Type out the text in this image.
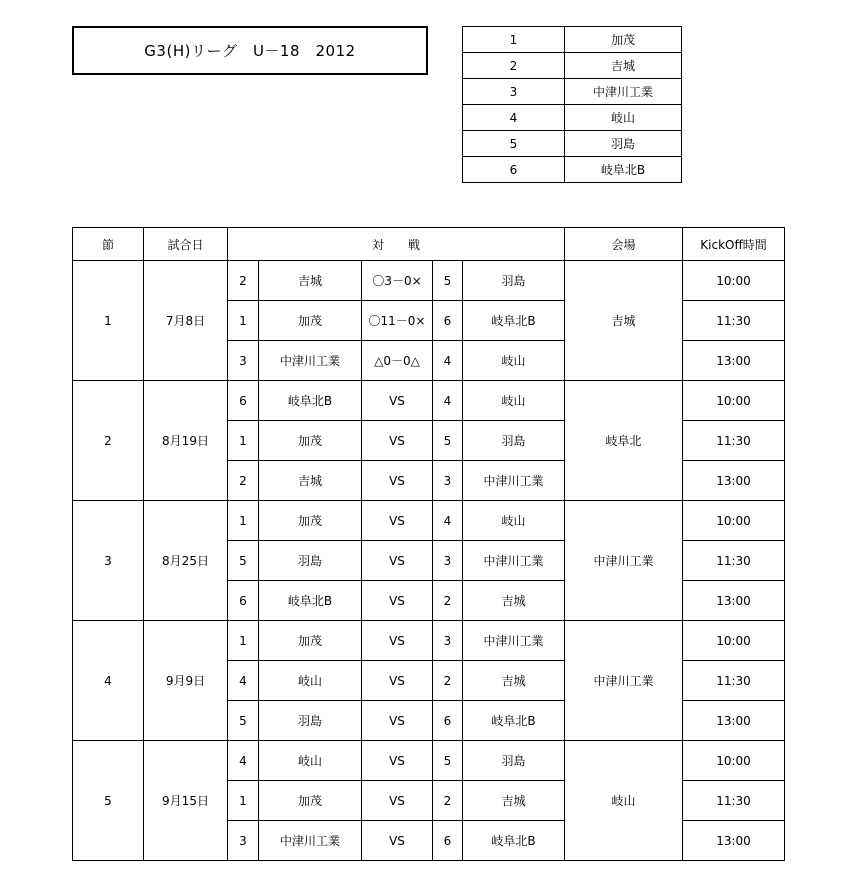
G3(H)リーグ　U－18　2012
1	加茂
2	吉城
3	中津川工業
4	岐山
5	羽島
6	岐阜北B
節	試合日	対　　戦					会場	KickOff時間
1	7月8日	2	吉城	〇3－0×	5	羽島	吉城	10:00
		1	加茂	〇11－0×	6	岐阜北B		11:30
		3	中津川工業	△0－0△	4	岐山		13:00
2	8月19日	6	岐阜北B	VS	4	岐山	岐阜北	10:00
		1	加茂	VS	5	羽島		11:30
		2	吉城	VS	3	中津川工業		13:00
3	8月25日	1	加茂	VS	4	岐山	中津川工業	10:00
		5	羽島	VS	3	中津川工業		11:30
		6	岐阜北B	VS	2	吉城		13:00
4	9月9日	1	加茂	VS	3	中津川工業	中津川工業	10:00
		4	岐山	VS	2	吉城		11:30
		5	羽島	VS	6	岐阜北B		13:00
5	9月15日	4	岐山	VS	5	羽島	岐山	10:00
		1	加茂	VS	2	吉城		11:30
		3	中津川工業	VS	6	岐阜北B		13:00
